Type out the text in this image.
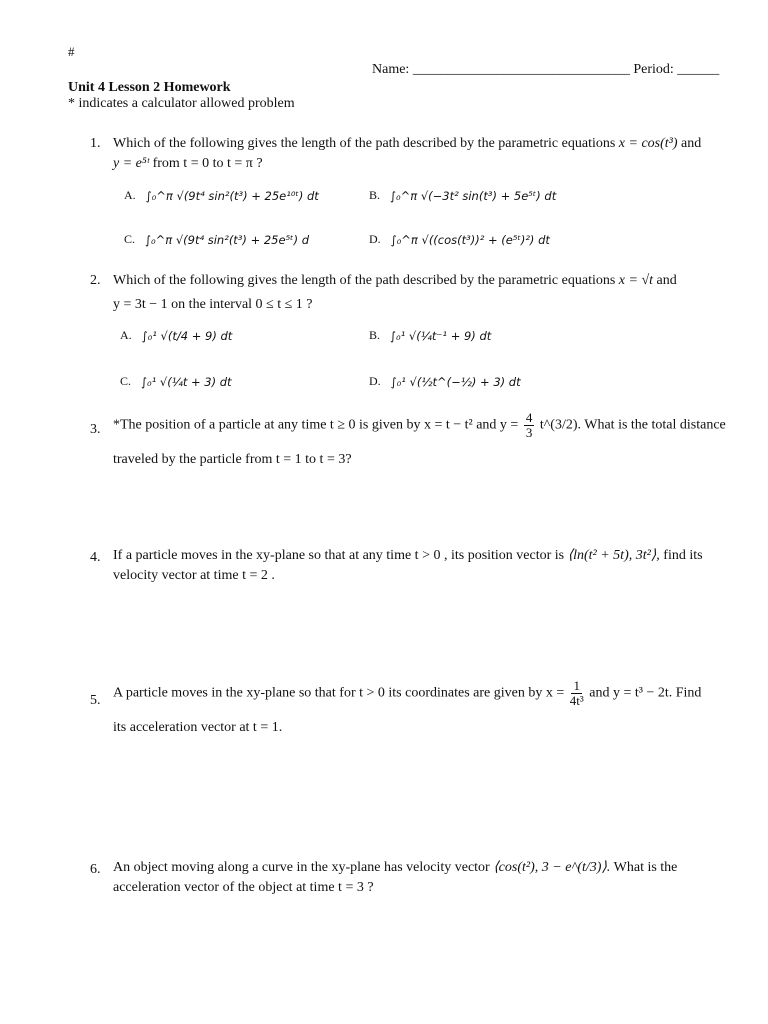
#
Name: _______________________________ Period: ______
Unit 4 Lesson 2 Homework
* indicates a calculator allowed problem
1. Which of the following gives the length of the path described by the parametric equations x = cos(t³) and
y = e⁵ᵗ from t = 0 to t = π ?
A. ∫₀^π √(9t⁴ sin²(t³) + 25e¹⁰ᵗ) dt	B. ∫₀^π √(−3t² sin(t³) + 5e⁵ᵗ) dt
C. ∫₀^π √(9t⁴ sin²(t³) + 25e⁵ᵗ) d	D. ∫₀^π √((cos(t³))² + (e⁵ᵗ)²) dt
2. Which of the following gives the length of the path described by the parametric equations x = √t and
y = 3t − 1 on the interval 0 ≤ t ≤ 1 ?
A. ∫₀¹ √(t/4 + 9) dt	B. ∫₀¹ √(¼t⁻¹ + 9) dt
C. ∫₀¹ √(¼t + 3) dt	D. ∫₀¹ √(½t^(−½) + 3) dt
3. *The position of a particle at any time t ≥ 0 is given by x = t − t² and $y = \frac{4}{3}$ t^(3/2). What is the total distance
traveled by the particle from t = 1 to t = 3?
4. If a particle moves in the xy-plane so that at any time t > 0 , its position vector is ⟨ln(t² + 5t), 3t²⟩, find its
velocity vector at time t = 2 .
5. A particle moves in the xy-plane so that for t > 0 its coordinates are given by $x = \frac{1}{\text{4t³}}$ and y = t³ − 2t. Find
its acceleration vector at t = 1.
6. An object moving along a curve in the xy-plane has velocity vector ⟨cos(t²), 3 − e^(t/3)⟩. What is the
acceleration vector of the object at time t = 3 ?
